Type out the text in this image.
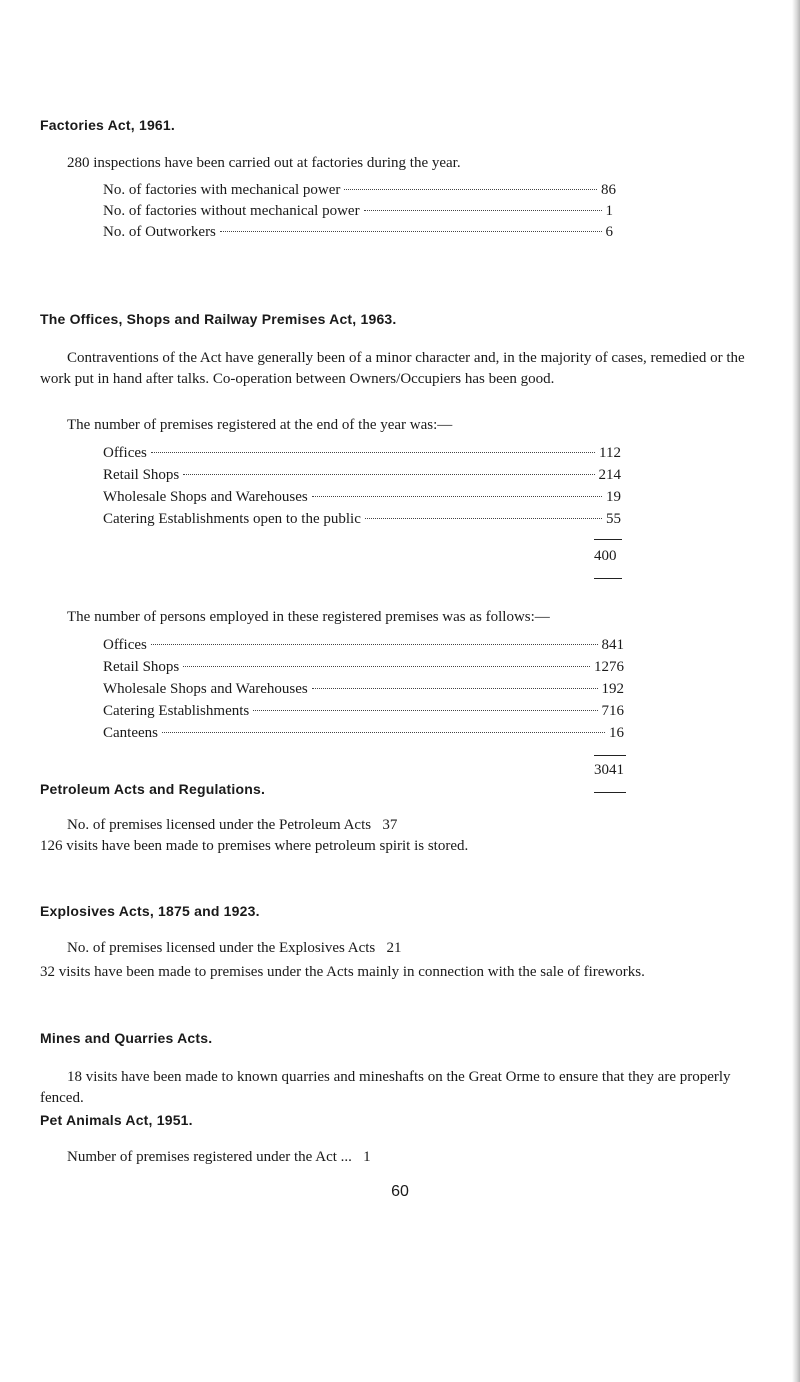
Factories Act, 1961.
280 inspections have been carried out at factories during the year.
No. of factories with mechanical power	86
No. of factories without mechanical power	1
No. of Outworkers	6
The Offices, Shops and Railway Premises Act, 1963.
Contraventions of the Act have generally been of a minor character and, in the majority of cases, remedied or the work put in hand after talks. Co-operation between Owners/Occupiers has been good.
The number of premises registered at the end of the year was:—
Offices	112
Retail Shops	214
Wholesale Shops and Warehouses	19
Catering Establishments open to the public	55
400
The number of persons employed in these registered premises was as follows:—
Offices	841
Retail Shops	1276
Wholesale Shops and Warehouses	192
Catering Establishments	716
Canteens	16
3041
Petroleum Acts and Regulations.
No. of premises licensed under the Petroleum Acts   37
126 visits have been made to premises where petroleum spirit is stored.
Explosives Acts, 1875 and 1923.
No. of premises licensed under the Explosives Acts   21
32 visits have been made to premises under the Acts mainly in connection with the sale of fireworks.
Mines and Quarries Acts.
18 visits have been made to known quarries and mineshafts on the Great Orme to ensure that they are properly fenced.
Pet Animals Act, 1951.
Number of premises registered under the Act ...   1
60
